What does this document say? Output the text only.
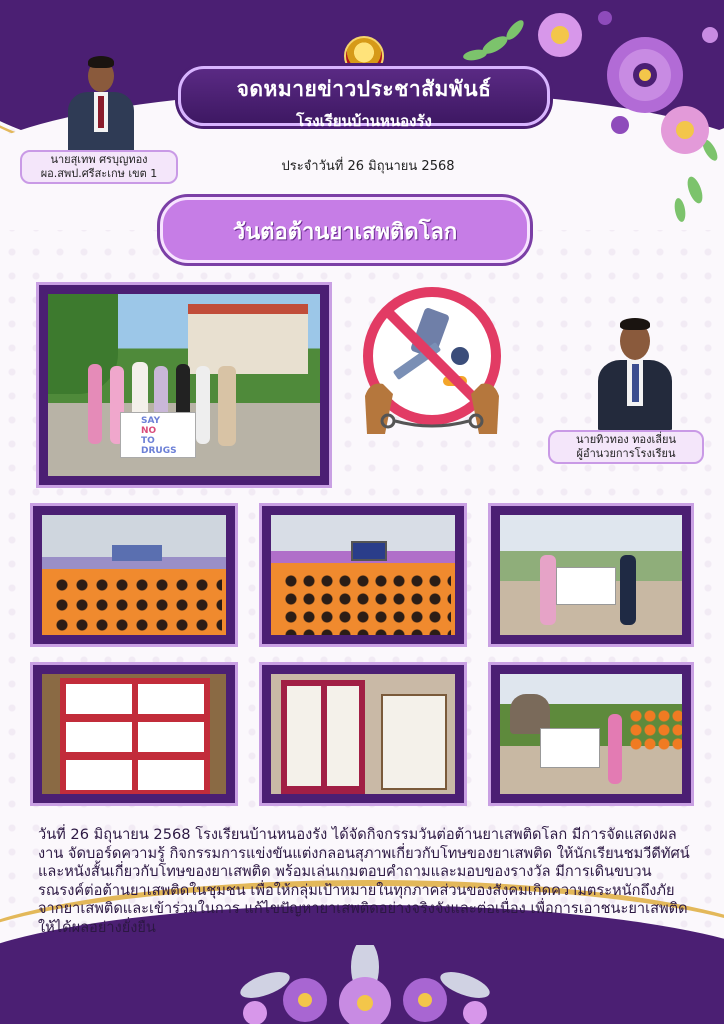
จดหมายข่าวประชาสัมพันธ์
โรงเรียนบ้านหนองรัง
ประจำวันที่ 26 มิถุนายน 2568
นายสุเทพ ศรบุญทอง
ผอ.สพป.ศรีสะเกษ เขต 1
วันต่อต้านยาเสพติดโลก
SAY NO
TO
DRUGS
นายทิวทอง ทองเลี่ยน
ผู้อำนวยการโรงเรียน

วันที่ 26 มิถุนายน 2568 โรงเรียนบ้านหนองรัง ได้จัดกิจกรรมวันต่อต้านยาเสพติดโลก มีการจัดแสดงผลงาน จัดบอร์ดความรู้ กิจกรรมการแข่งขันแต่งกลอนสุภาพเกี่ยวกับโทษของยาเสพติด ให้นักเรียนชมวีดีทัศน์ และหนังสั้นเกี่ยวกับโทษของยาเสพติด พร้อมเล่นเกมตอบคำถามและมอบของรางวัล มีการเดินขบวนรณรงค์ต่อต้านยาเสพติดในชุมชน เพื่อให้กลุ่มเป้าหมายในทุกภาคส่วนของสังคมเกิดความตระหนักถึงภัยจากยาเสพติดและเข้าร่วมในการ แก้ไขปัญหายาเสพติดอย่างจริงจังและต่อเนื่อง เพื่อการเอาชนะยาเสพติดให้ได้ผลอย่างยั่งยืน
